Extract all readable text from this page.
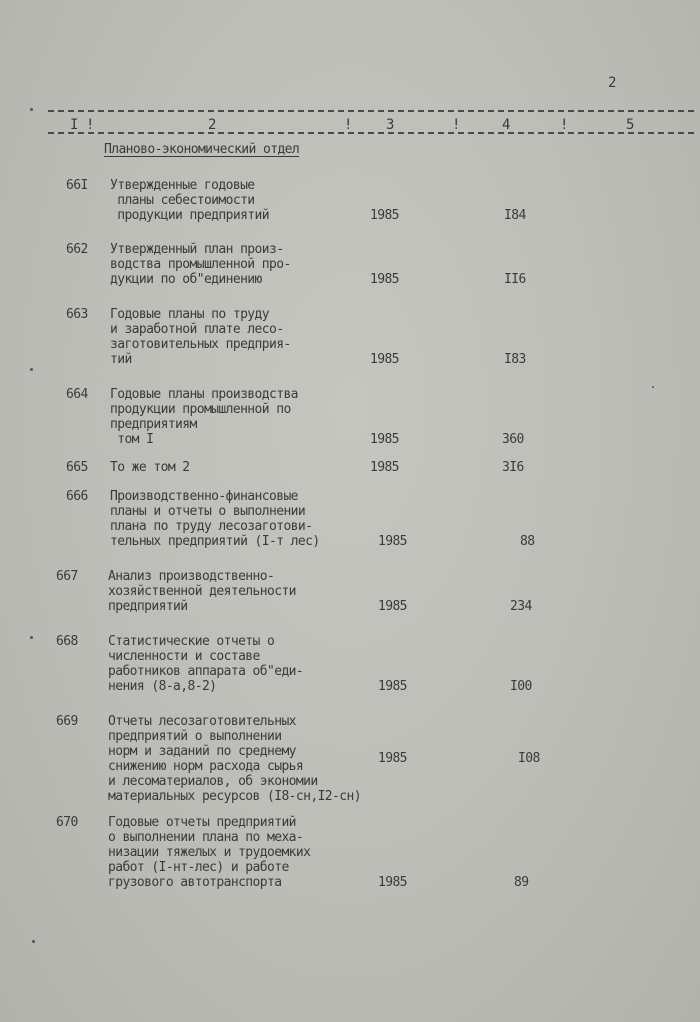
2
I !	2	! 3	!	4	!	5
Планово-экономический отдел
66I Утвержденные годовые
планы себестоимости
продукции предприятий	1985	I84
662 Утвержденный план произ-
водства промышленной про-
дукции по об"единению	1985	II6
663 Годовые планы по труду
и заработной плате лесо-
заготовительных предприя-
тий	1985	I83
664 Годовые планы производства
продукции промышленной по
предприятиям
том I	1985	360
665 То же том 2	1985	3I6
666 Производственно-финансовые
планы и отчеты о выполнении
плана по труду лесозаготови-
тельных предприятий (I-т лес)	1985	88
667 Анализ производственно-
хозяйственной деятельности
предприятий	1985	234
668 Статистические отчеты о
численности и составе
работников аппарата об"еди-
нения (8-а,8-2)	1985	I00
669 Отчеты лесозаготовительных
предприятий о выполнении
норм и заданий по среднему
снижению норм расхода сырья
и лесоматериалов, об экономии
материальных ресурсов (I8-сн,I2-сн)
1985	I08
670 Годовые отчеты предприятий
о выполнении плана по меха-
низации тяжелых и трудоемких
работ (I-нт-лес) и работе
грузового автотранспорта	1985	89
